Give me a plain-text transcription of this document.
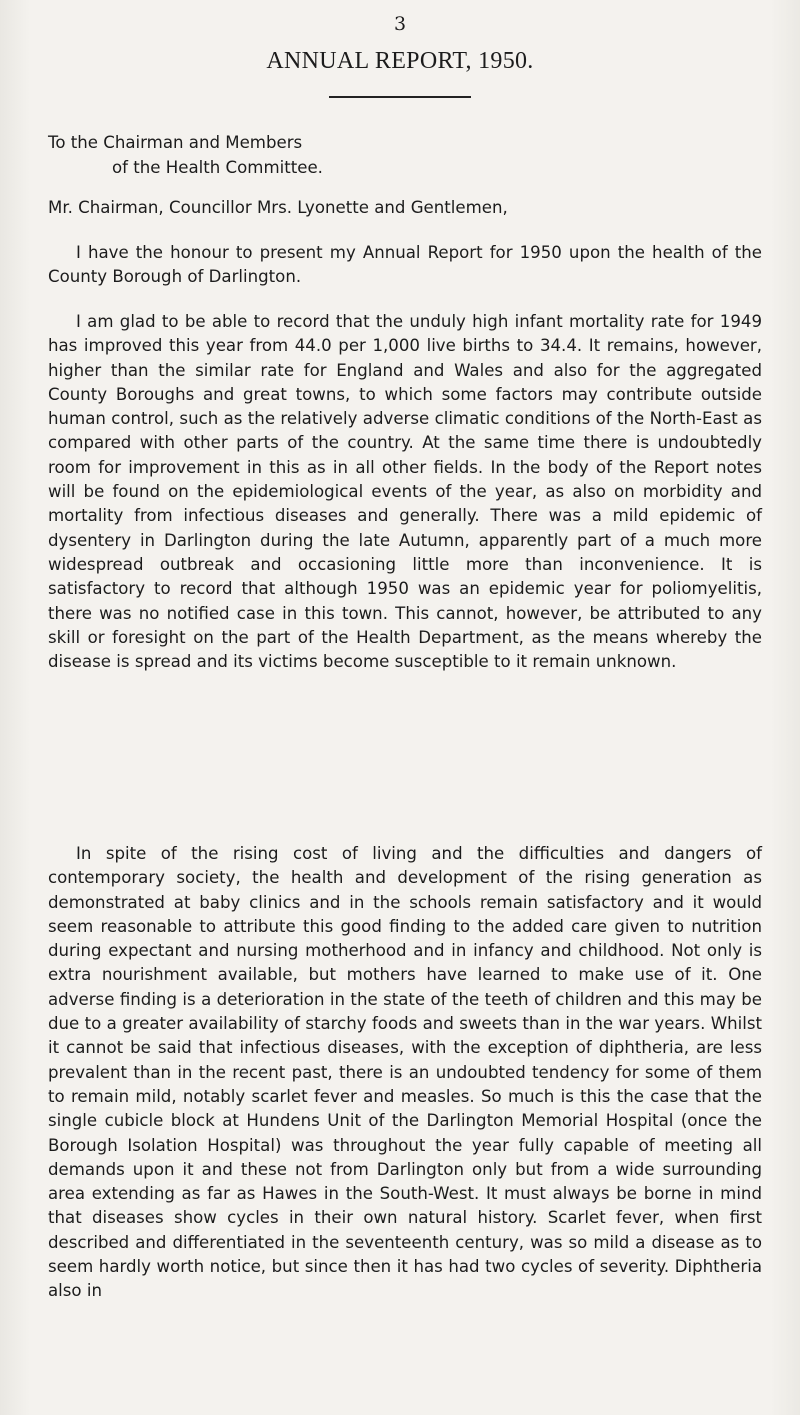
3
ANNUAL REPORT, 1950.
To the Chairman and Members
of the Health Committee.
Mr. Chairman, Councillor Mrs. Lyonette and Gentlemen,

I have the honour to present my Annual Report for 1950 upon the health of the County Borough of Darlington.

I am glad to be able to record that the unduly high infant mortality rate for 1949 has improved this year from 44.0 per 1,000 live births to 34.4. It remains, however, higher than the similar rate for England and Wales and also for the aggregated County Boroughs and great towns, to which some factors may contribute outside human control, such as the relatively adverse climatic conditions of the North-East as compared with other parts of the country. At the same time there is undoubtedly room for improvement in this as in all other fields. In the body of the Report notes will be found on the epidemiological events of the year, as also on morbidity and mortality from infectious diseases and generally. There was a mild epidemic of dysentery in Darlington during the late Autumn, apparently part of a much more widespread outbreak and occasioning little more than inconvenience. It is satisfactory to record that although 1950 was an epidemic year for poliomyelitis, there was no notified case in this town. This cannot, however, be attributed to any skill or foresight on the part of the Health Department, as the means whereby the disease is spread and its victims become susceptible to it remain unknown.

In spite of the rising cost of living and the difficulties and dangers of contemporary society, the health and development of the rising generation as demonstrated at baby clinics and in the schools remain satisfactory and it would seem reasonable to attribute this good finding to the added care given to nutrition during expectant and nursing motherhood and in infancy and childhood. Not only is extra nourishment available, but mothers have learned to make use of it. One adverse finding is a deterioration in the state of the teeth of children and this may be due to a greater availability of starchy foods and sweets than in the war years. Whilst it cannot be said that infectious diseases, with the exception of diphtheria, are less prevalent than in the recent past, there is an undoubted tendency for some of them to remain mild, notably scarlet fever and measles. So much is this the case that the single cubicle block at Hundens Unit of the Darlington Memorial Hospital (once the Borough Isolation Hospital) was throughout the year fully capable of meeting all demands upon it and these not from Darlington only but from a wide surrounding area extending as far as Hawes in the South-West. It must always be borne in mind that diseases show cycles in their own natural history. Scarlet fever, when first described and differentiated in the seventeenth century, was so mild a disease as to seem hardly worth notice, but since then it has had two cycles of severity. Diphtheria also in
